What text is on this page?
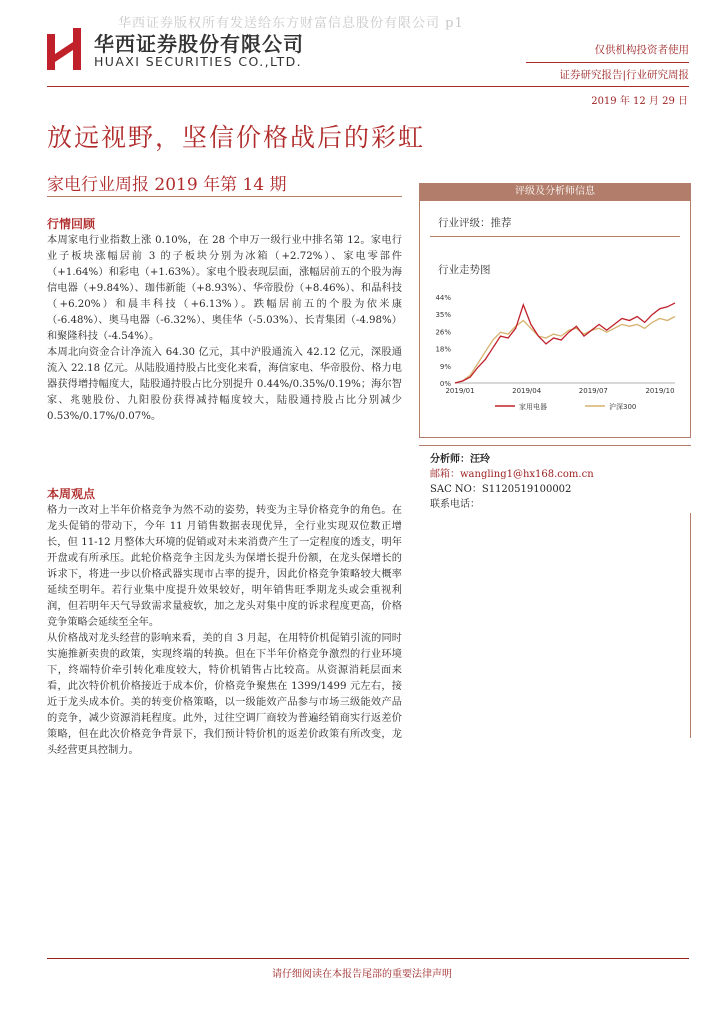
华西证券版权所有发送给东方财富信息股份有限公司 p1
华西证券股份有限公司
HUAXI SECURITIES CO.,LTD.
仅供机构投资者使用
证券研究报告|行业研究周报
2019 年 12 月 29 日
放远视野，坚信价格战后的彩虹
家电行业周报 2019 年第 14 期
行情回顾

本周家电行业指数上涨 0.10%，在 28 个申万一级行业中排名第 12。家电行业子板块涨幅居前 3 的子板块分别为冰箱（+2.72%）、家电零部件（+1.64%）和彩电（+1.63%）。家电个股表现层面，涨幅居前五的个股为海信电器（+9.84%）、珈伟新能（+8.93%）、华帝股份（+8.46%）、和晶科技（+6.20%）和晨丰科技（+6.13%）。跌幅居前五的个股为依米康（-6.48%）、奥马电器（-6.32%）、奥佳华（-5.03%）、长青集团（-4.98%）和聚隆科技（-4.54%）。

本周北向资金合计净流入 64.30 亿元，其中沪股通流入 42.12 亿元，深股通流入 22.18 亿元。从陆股通持股占比变化来看，海信家电、华帝股份、格力电器获得增持幅度大，陆股通持股占比分别提升 0.44%/0.35%/0.19%；海尔智家、兆驰股份、九阳股份获得减持幅度较大，陆股通持股占比分别减少 0.53%/0.17%/0.07%。

本周观点

格力一改对上半年价格竞争为然不动的姿势，转变为主导价格竞争的角色。在龙头促销的带动下，今年 11 月销售数据表现优异，全行业实现双位数正增长，但 11-12 月整体大环境的促销或对未来消费产生了一定程度的透支，明年开盘或有所承压。此轮价格竞争主因龙头为保增长提升份额，在龙头保增长的诉求下，将进一步以价格武器实现市占率的提升，因此价格竞争策略较大概率延续至明年。若行业集中度提升效果较好，明年销售旺季期龙头或会重视利润，但若明年天气导致需求量疲软，加之龙头对集中度的诉求程度更高，价格竞争策略会延续至全年。

从价格战对龙头经营的影响来看，美的自 3 月起，在用特价机促销引流的同时实施推新卖贵的政策，实现终端的转换。但在下半年价格竞争激烈的行业环境下，终端特价牵引转化难度较大，特价机销售占比较高。从资源消耗层面来看，此次特价机价格接近于成本价，价格竞争聚焦在 1399/1499 元左右，接近于龙头成本价。美的转变价格策略，以一级能效产品参与市场三级能效产品的竞争，减少资源消耗程度。此外，过往空调厂商较为普遍经销商实行返差价策略，但在此次价格竞争背景下，我们预计特价机的返差价政策有所改变，龙头经营更具控制力。

评级及分析师信息
行业评级：推荐
行业走势图
0%
9%
18%
26%
35%
44%
2019/01	2019/04	2019/07	2019/10
家用电器	沪深300
分析师：汪玲
邮箱：wangling1@hx168.com.cn
SAC NO：S1120519100002
联系电话：
请仔细阅读在本报告尾部的重要法律声明
